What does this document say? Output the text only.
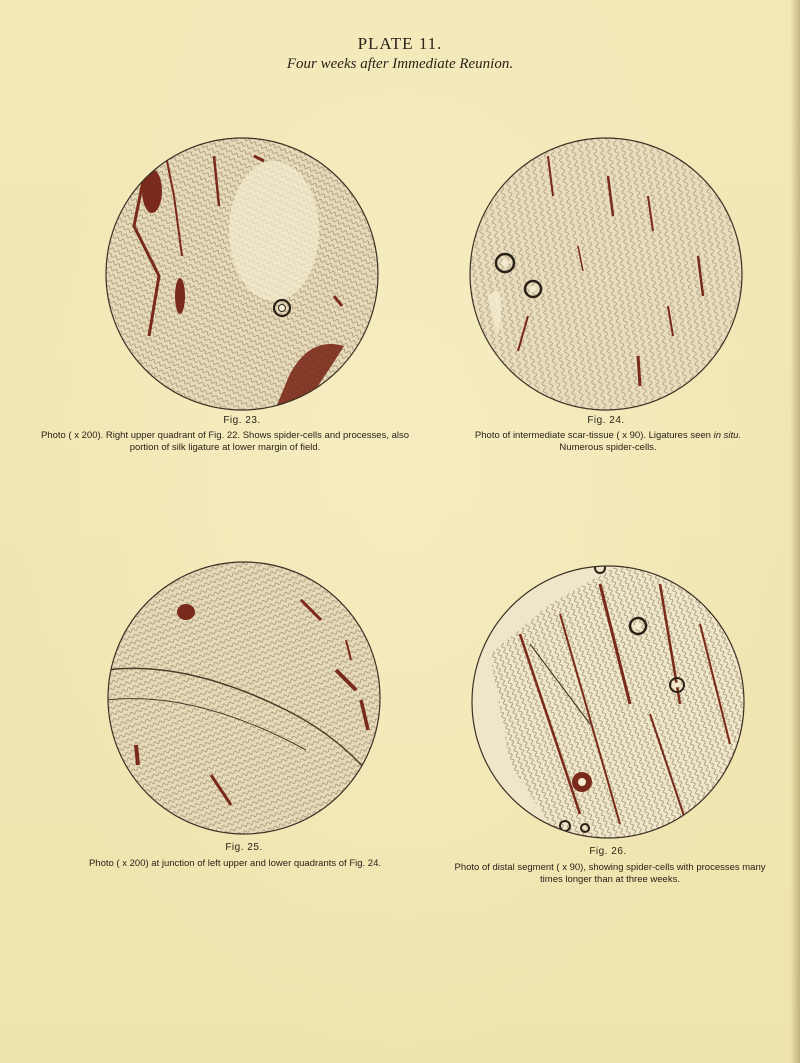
PLATE 11.
Four weeks after Immediate Reunion.
Fig. 23.
Photo ( x 200). Right upper quadrant of Fig. 22. Shows spider-cells and processes, also portion of silk ligature at lower margin of field.
Fig. 24.
Photo of intermediate scar-tissue ( x 90). Ligatures seen in situ.
Numerous spider-cells.
Fig. 25.
Photo ( x 200) at junction of left upper and lower quadrants of Fig. 24.
Fig. 26.
Photo of distal segment ( x 90), showing spider-cells with processes many times longer than at three weeks.
